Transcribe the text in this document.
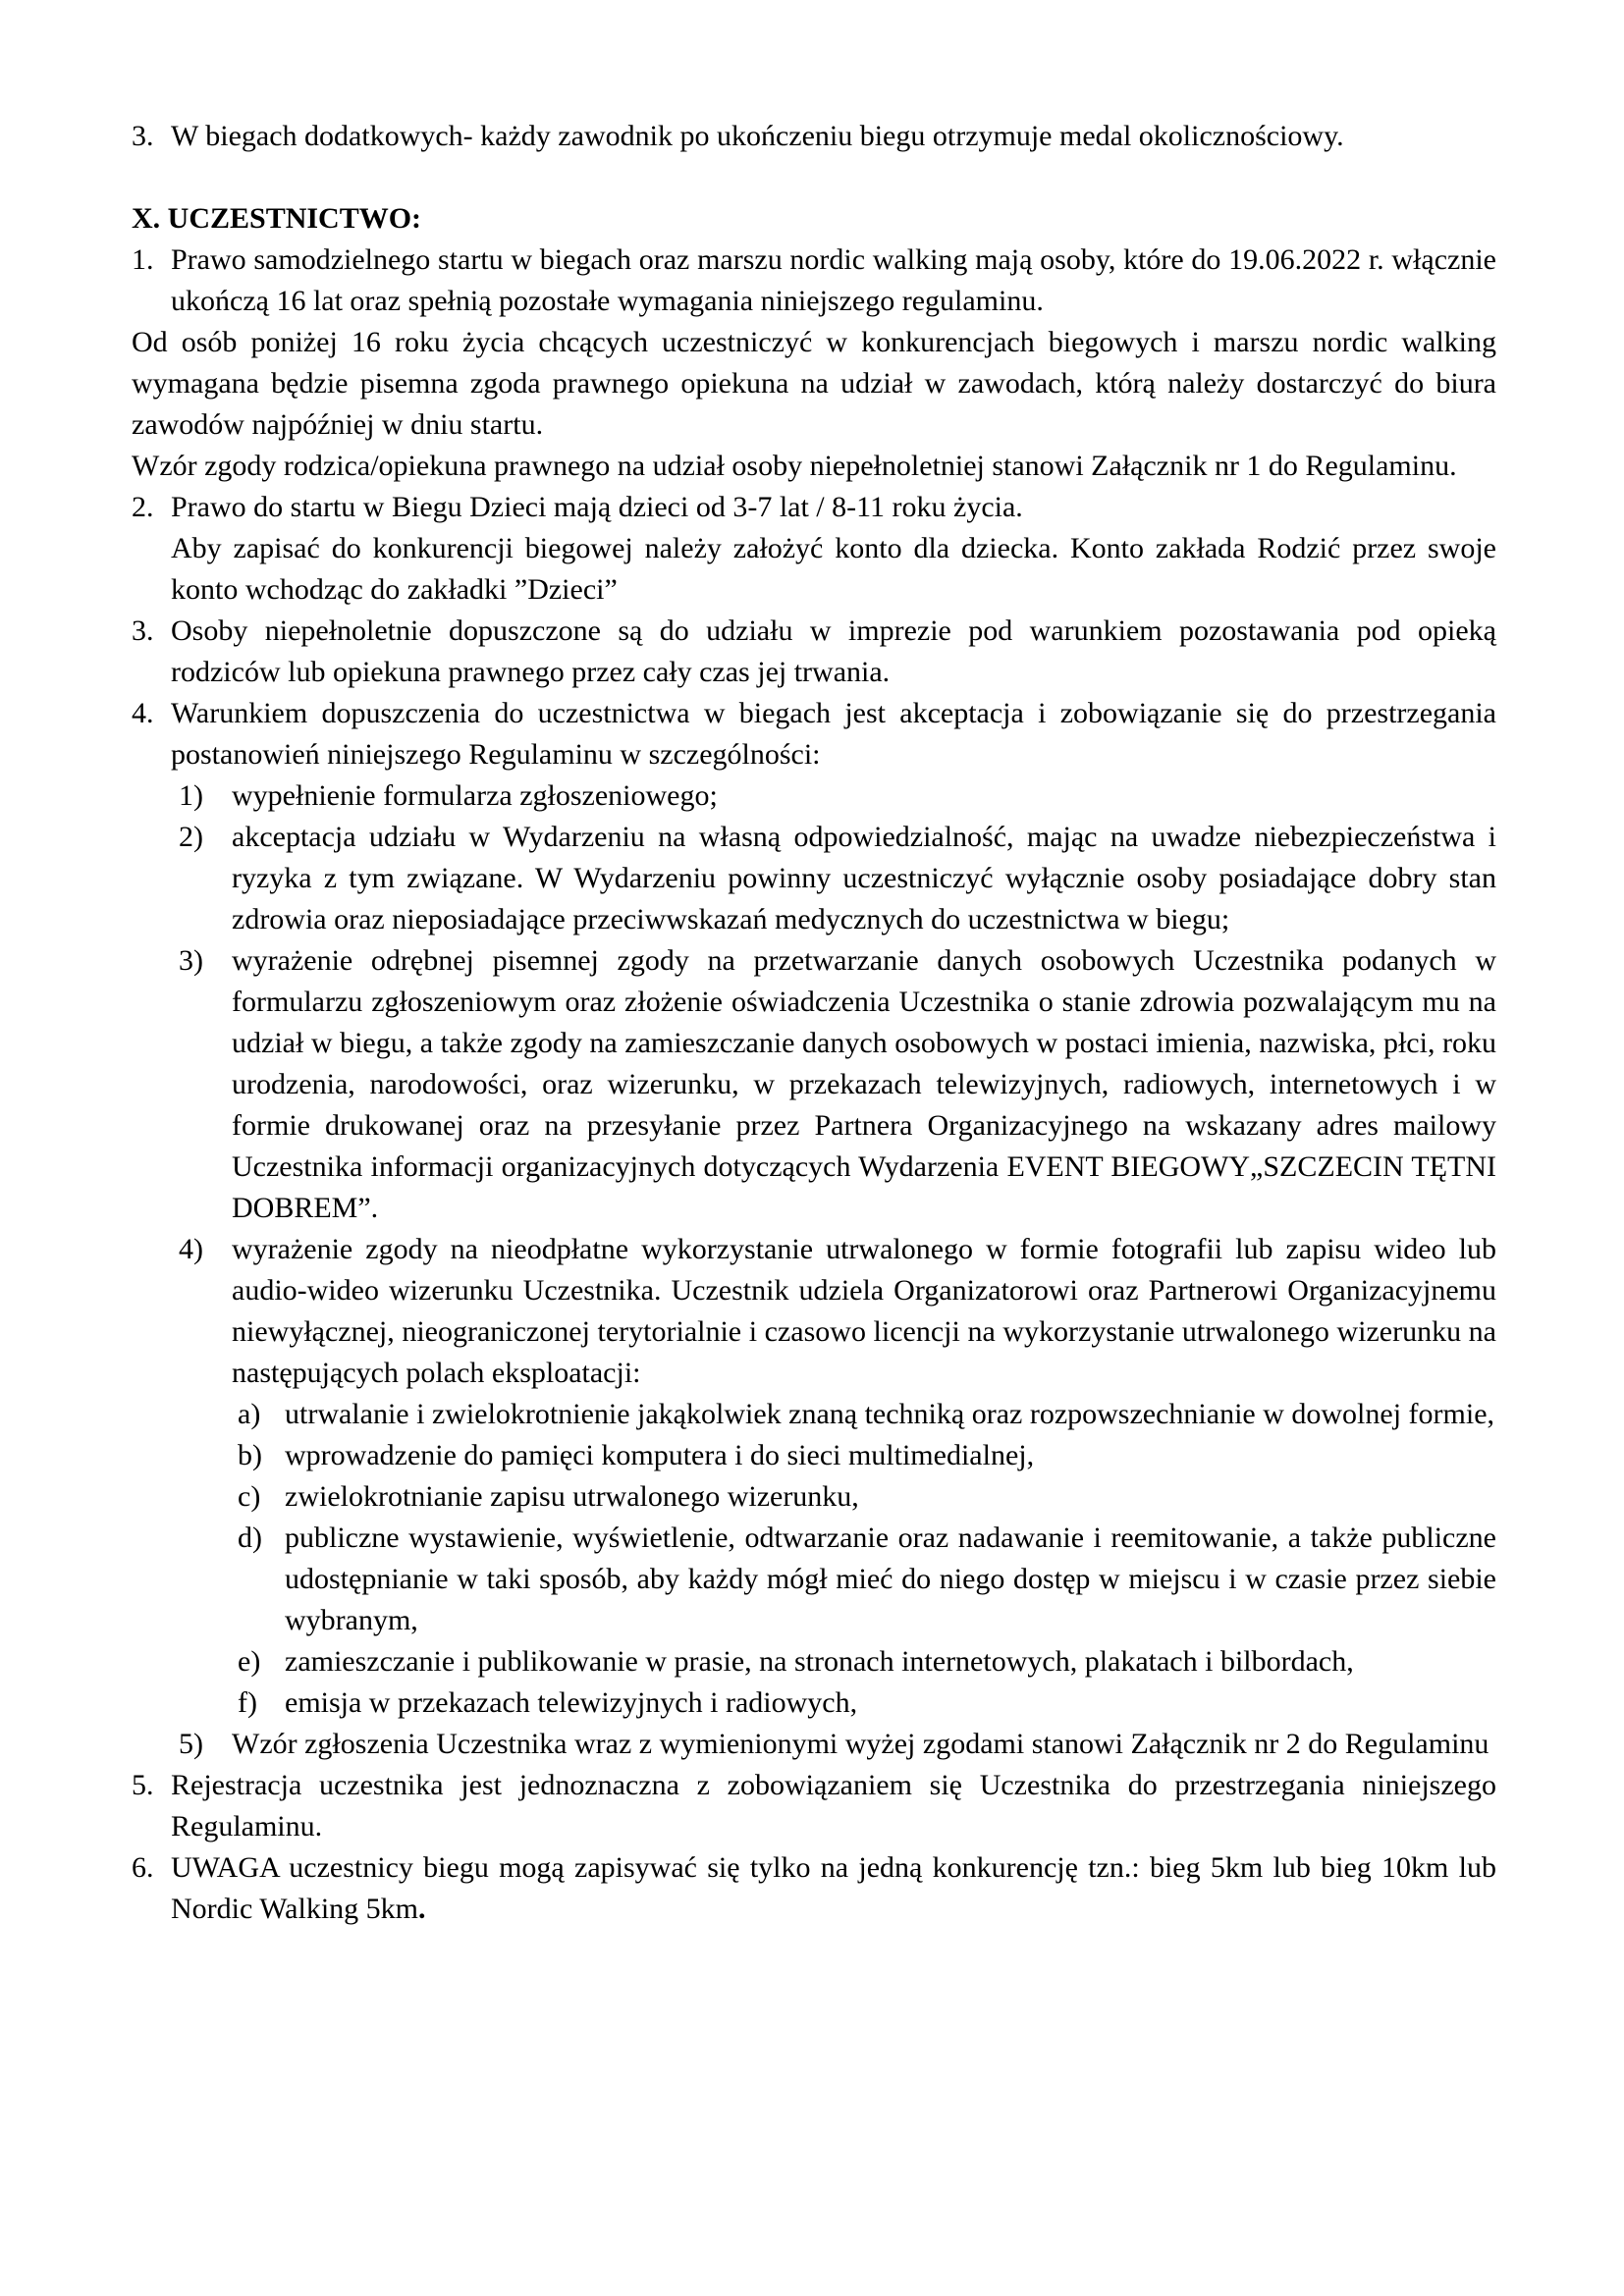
3. W biegach dodatkowych- każdy zawodnik po ukończeniu biegu otrzymuje medal okolicznościowy.
X. UCZESTNICTWO:
1. Prawo samodzielnego startu w biegach oraz marszu nordic walking mają osoby, które do 19.06.2022 r. włącznie ukończą 16 lat oraz spełnią pozostałe wymagania niniejszego regulaminu.

Od osób poniżej 16 roku życia chcących uczestniczyć w konkurencjach biegowych i marszu nordic walking wymagana będzie pisemna zgoda prawnego opiekuna na udział w zawodach, którą należy dostarczyć do biura zawodów najpóźniej w dniu startu.

Wzór zgody rodzica/opiekuna prawnego na udział osoby niepełnoletniej stanowi Załącznik nr 1 do Regulaminu.

2. Prawo do startu w Biegu Dzieci mają dzieci od 3-7 lat / 8-11 roku życia.

Aby zapisać do konkurencji biegowej należy założyć konto dla dziecka. Konto zakłada Rodzić przez swoje konto wchodząc do zakładki ”Dzieci”

3. Osoby niepełnoletnie dopuszczone są do udziału w imprezie pod warunkiem pozostawania pod opieką rodziców lub opiekuna prawnego przez cały czas jej trwania.
4. Warunkiem dopuszczenia do uczestnictwa w biegach jest akceptacja i zobowiązanie się do przestrzegania postanowień niniejszego Regulaminu w szczególności:
1) wypełnienie formularza zgłoszeniowego;
2) akceptacja udziału w Wydarzeniu na własną odpowiedzialność, mając na uwadze niebezpieczeństwa i ryzyka z tym związane. W Wydarzeniu powinny uczestniczyć wyłącznie osoby posiadające dobry stan zdrowia oraz nieposiadające przeciwwskazań medycznych do uczestnictwa w biegu;
3) wyrażenie odrębnej pisemnej zgody na przetwarzanie danych osobowych Uczestnika podanych w formularzu zgłoszeniowym oraz złożenie oświadczenia Uczestnika o stanie zdrowia pozwalającym mu na udział w biegu, a także zgody na zamieszczanie danych osobowych w postaci imienia, nazwiska, płci, roku urodzenia, narodowości, oraz wizerunku, w przekazach telewizyjnych, radiowych, internetowych i w formie drukowanej oraz na przesyłanie przez Partnera Organizacyjnego na wskazany adres mailowy Uczestnika informacji organizacyjnych dotyczących Wydarzenia EVENT BIEGOWY„SZCZECIN TĘTNI DOBREM”.
4) wyrażenie zgody na nieodpłatne wykorzystanie utrwalonego w formie fotografii lub zapisu wideo lub audio-wideo wizerunku Uczestnika. Uczestnik udziela Organizatorowi oraz Partnerowi Organizacyjnemu niewyłącznej, nieograniczonej terytorialnie i czasowo licencji na wykorzystanie utrwalonego wizerunku na następujących polach eksploatacji:
a) utrwalanie i zwielokrotnienie jakąkolwiek znaną techniką oraz rozpowszechnianie w dowolnej formie,
b) wprowadzenie do pamięci komputera i do sieci multimedialnej,
c) zwielokrotnianie zapisu utrwalonego wizerunku,
d) publiczne wystawienie, wyświetlenie, odtwarzanie oraz nadawanie i reemitowanie, a także publiczne udostępnianie w taki sposób, aby każdy mógł mieć do niego dostęp w miejscu i w czasie przez siebie wybranym,
e) zamieszczanie i publikowanie w prasie, na stronach internetowych, plakatach i bilbordach,
f) emisja w przekazach telewizyjnych i radiowych,
5) Wzór zgłoszenia Uczestnika wraz z wymienionymi wyżej zgodami stanowi Załącznik nr 2 do Regulaminu
5. Rejestracja uczestnika jest jednoznaczna z zobowiązaniem się Uczestnika do przestrzegania niniejszego Regulaminu.
6. UWAGA uczestnicy biegu mogą zapisywać się tylko na jedną konkurencję tzn.: bieg 5km lub bieg 10km lub Nordic Walking 5km.
